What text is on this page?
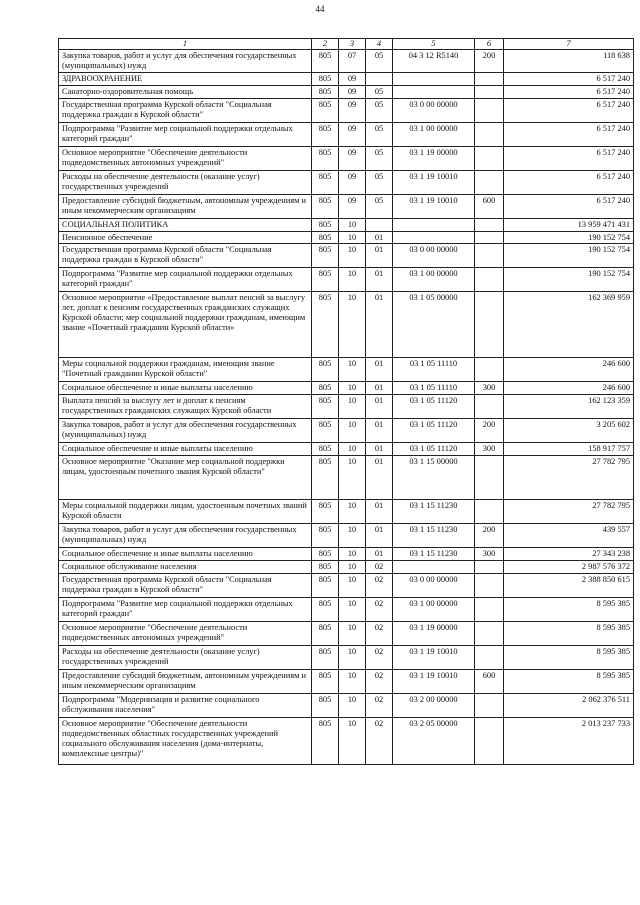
44
1	2	3	4	5	6	7
Закупка товаров, работ и услуг для обеспечения государственных (муниципальных) нужд	805	07	05	04 3 12 R5140	200	118 638
ЗДРАВООХРАНЕНИЕ	805	09				6 517 240
Санаторно-оздоровительная помощь	805	09	05			6 517 240
Государственная программа Курской области "Социальная поддержка граждан в Курской области"	805	09	05	03 0 00 00000		6 517 240
Подпрограмма "Развитие мер социальной поддержки отдельных категорий граждан"	805	09	05	03 1 00 00000		6 517 240
Основное мероприятие "Обеспечение деятельности подведомственных автономных учреждений"	805	09	05	03 1 19 00000		6 517 240
Расходы на обеспечение деятельности (оказание услуг) государственных учреждений	805	09	05	03 1 19 10010		6 517 240
Предоставление субсидий бюджетным, автономным учреждениям и иным некоммерческим организациям	805	09	05	03 1 19 10010	600	6 517 240
СОЦИАЛЬНАЯ ПОЛИТИКА	805	10				13 959 471 431
Пенсионное обеспечение	805	10	01			190 152 754
Государственная программа Курской области "Социальная поддержка граждан в Курской области"	805	10	01	03 0 00 00000		190 152 754
Подпрограмма "Развитие мер социальной поддержки отдельных категорий граждан"	805	10	01	03 1 00 00000		190 152 754
Основное мероприятие «Предоставление выплат пенсий за выслугу лет, доплат к пенсиям государственных гражданских служащих Курской области; мер социальной поддержки гражданам, имеющим звание «Почетный гражданин Курской области»	805	10	01	03 1 05 00000		162 369 959
Меры социальной поддержки гражданам, имеющим звание "Почетный гражданин Курской области"	805	10	01	03 1 05 11110		246 600
Социальное обеспечение и иные выплаты населению	805	10	01	03 1 05 11110	300	246 600
Выплата пенсий за выслугу лет и доплат к пенсиям государственных гражданских служащих Курской области	805	10	01	03 1 05 11120		162 123 359
Закупка товаров, работ и услуг для обеспечения государственных (муниципальных) нужд	805	10	01	03 1 05 11120	200	3 205 602
Социальное обеспечение и иные выплаты населению	805	10	01	03 1 05 11120	300	158 917 757
Основное мероприятие "Оказание мер социальной поддержки лицам, удостоенным почетного звания Курской области"	805	10	01	03 1 15 00000		27 782 795
Меры социальной поддержки лицам, удостоенным почетных званий Курской области	805	10	01	03 1 15 11230		27 782 795
Закупка товаров, работ и услуг для обеспечения государственных (муниципальных) нужд	805	10	01	03 1 15 11230	200	439 557
Социальное обеспечение и иные выплаты населению	805	10	01	03 1 15 11230	300	27 343 238
Социальное обслуживание населения	805	10	02			2 987 576 372
Государственная программа Курской области "Социальная поддержка граждан в Курской области"	805	10	02	03 0 00 00000		2 388 850 615
Подпрограмма "Развитие мер социальной поддержки отдельных категорий граждан"	805	10	02	03 1 00 00000		8 595 385
Основное мероприятие "Обеспечение деятельности подведомственных автономных учреждений"	805	10	02	03 1 19 00000		8 595 385
Расходы на обеспечение деятельности (оказание услуг) государственных учреждений	805	10	02	03 1 19 10010		8 595 385
Предоставление субсидий бюджетным, автономным учреждениям и иным некоммерческим организациям	805	10	02	03 1 19 10010	600	8 595 385
Подпрограмма "Модернизация и развитие социального обслуживания населения"	805	10	02	03 2 00 00000		2 062 376 511
Основное мероприятие "Обеспечение деятельности подведомственных областных государственных учреждений социального обслуживания населения (дома-интернаты, комплексные центры)"	805	10	02	03 2 05 00000		2 013 237 733
